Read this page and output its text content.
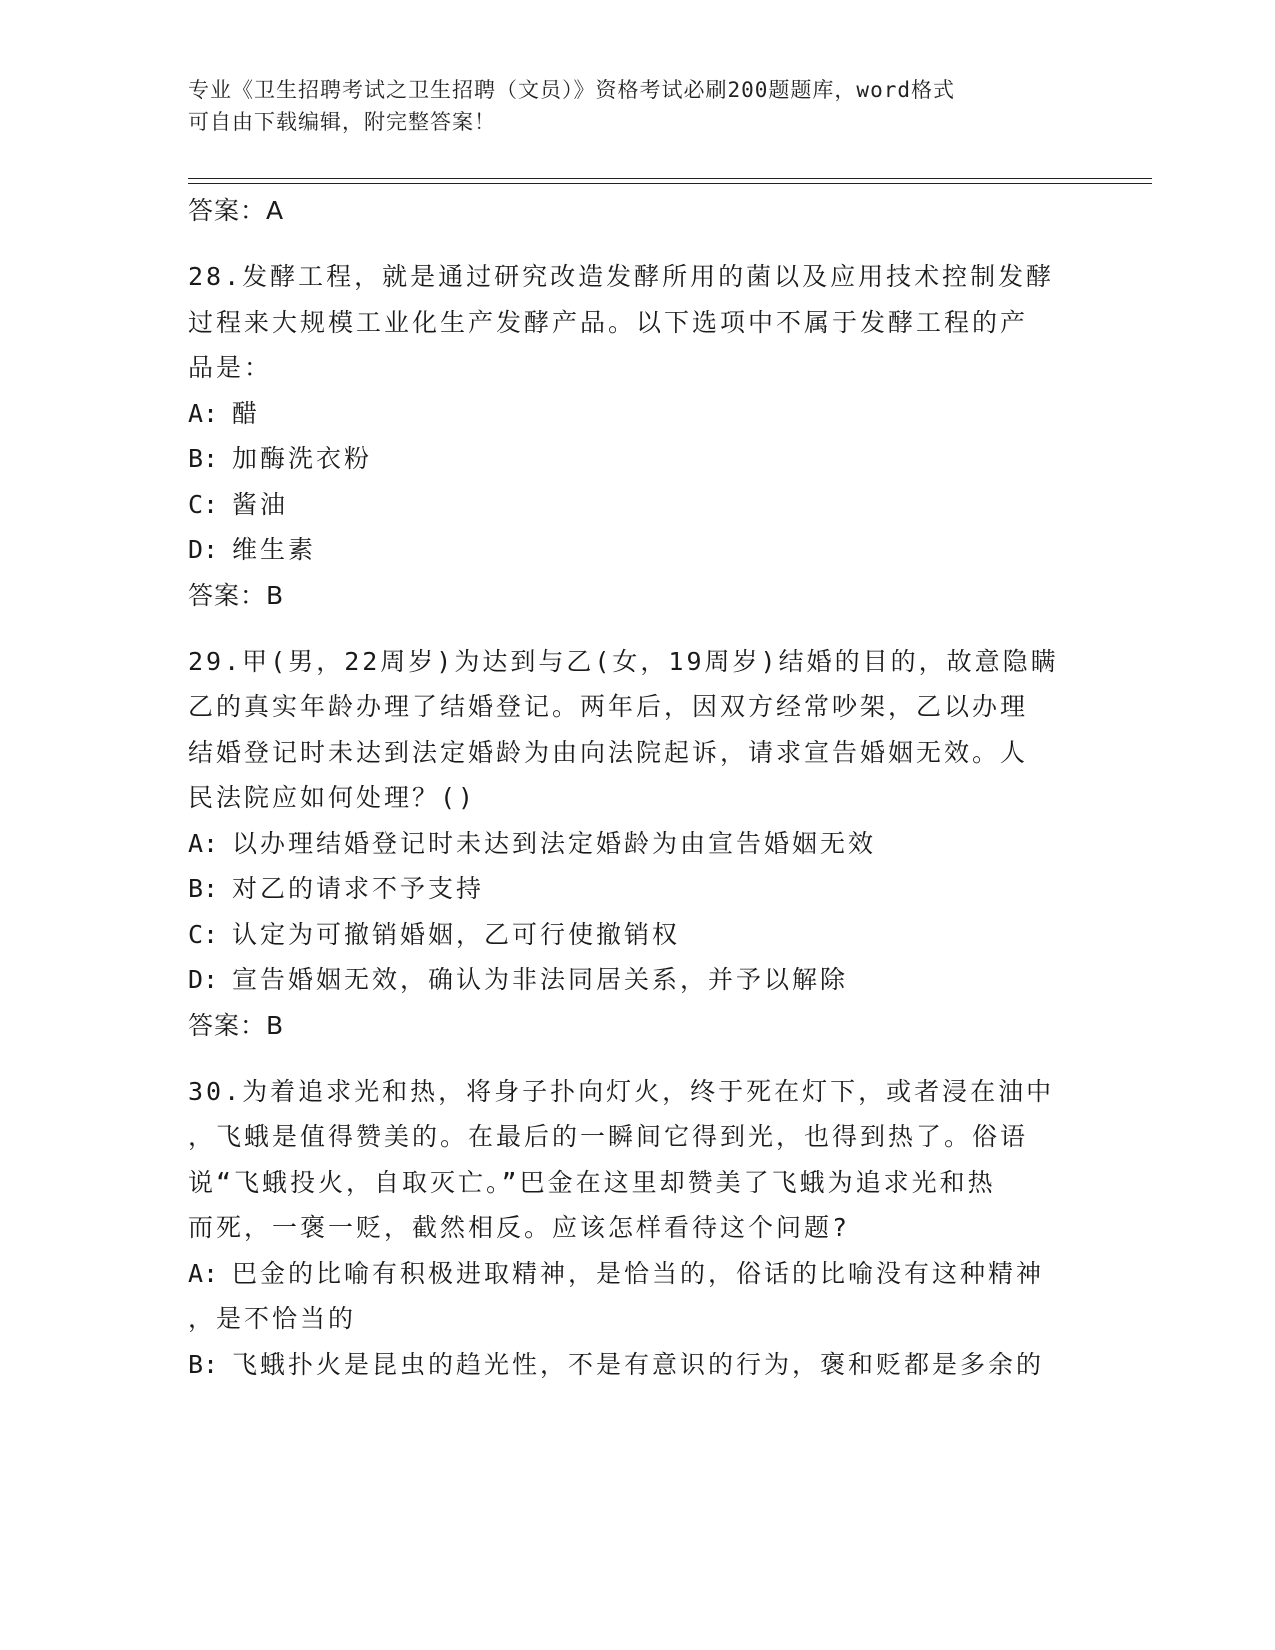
专业《卫生招聘考试之卫生招聘（文员）》资格考试必刷200题题库，word格式
可自由下载编辑，附完整答案！
答案：A
28.发酵工程，就是通过研究改造发酵所用的菌以及应用技术控制发酵
过程来大规模工业化生产发酵产品。以下选项中不属于发酵工程的产
品是：
A: 醋
B: 加酶洗衣粉
C: 酱油
D: 维生素
答案：B
29.甲(男，22周岁)为达到与乙(女，19周岁)结婚的目的，故意隐瞒
乙的真实年龄办理了结婚登记。两年后，因双方经常吵架，乙以办理
结婚登记时未达到法定婚龄为由向法院起诉，请求宣告婚姻无效。人
民法院应如何处理？()
A: 以办理结婚登记时未达到法定婚龄为由宣告婚姻无效
B: 对乙的请求不予支持
C: 认定为可撤销婚姻，乙可行使撤销权
D: 宣告婚姻无效，确认为非法同居关系，并予以解除
答案：B
30.为着追求光和热，将身子扑向灯火，终于死在灯下，或者浸在油中
，飞蛾是值得赞美的。在最后的一瞬间它得到光，也得到热了。俗语
说“飞蛾投火，自取灭亡。”巴金在这里却赞美了飞蛾为追求光和热
而死，一褒一贬，截然相反。应该怎样看待这个问题?
A: 巴金的比喻有积极进取精神，是恰当的，俗话的比喻没有这种精神
，是不恰当的
B: 飞蛾扑火是昆虫的趋光性，不是有意识的行为，褒和贬都是多余的
